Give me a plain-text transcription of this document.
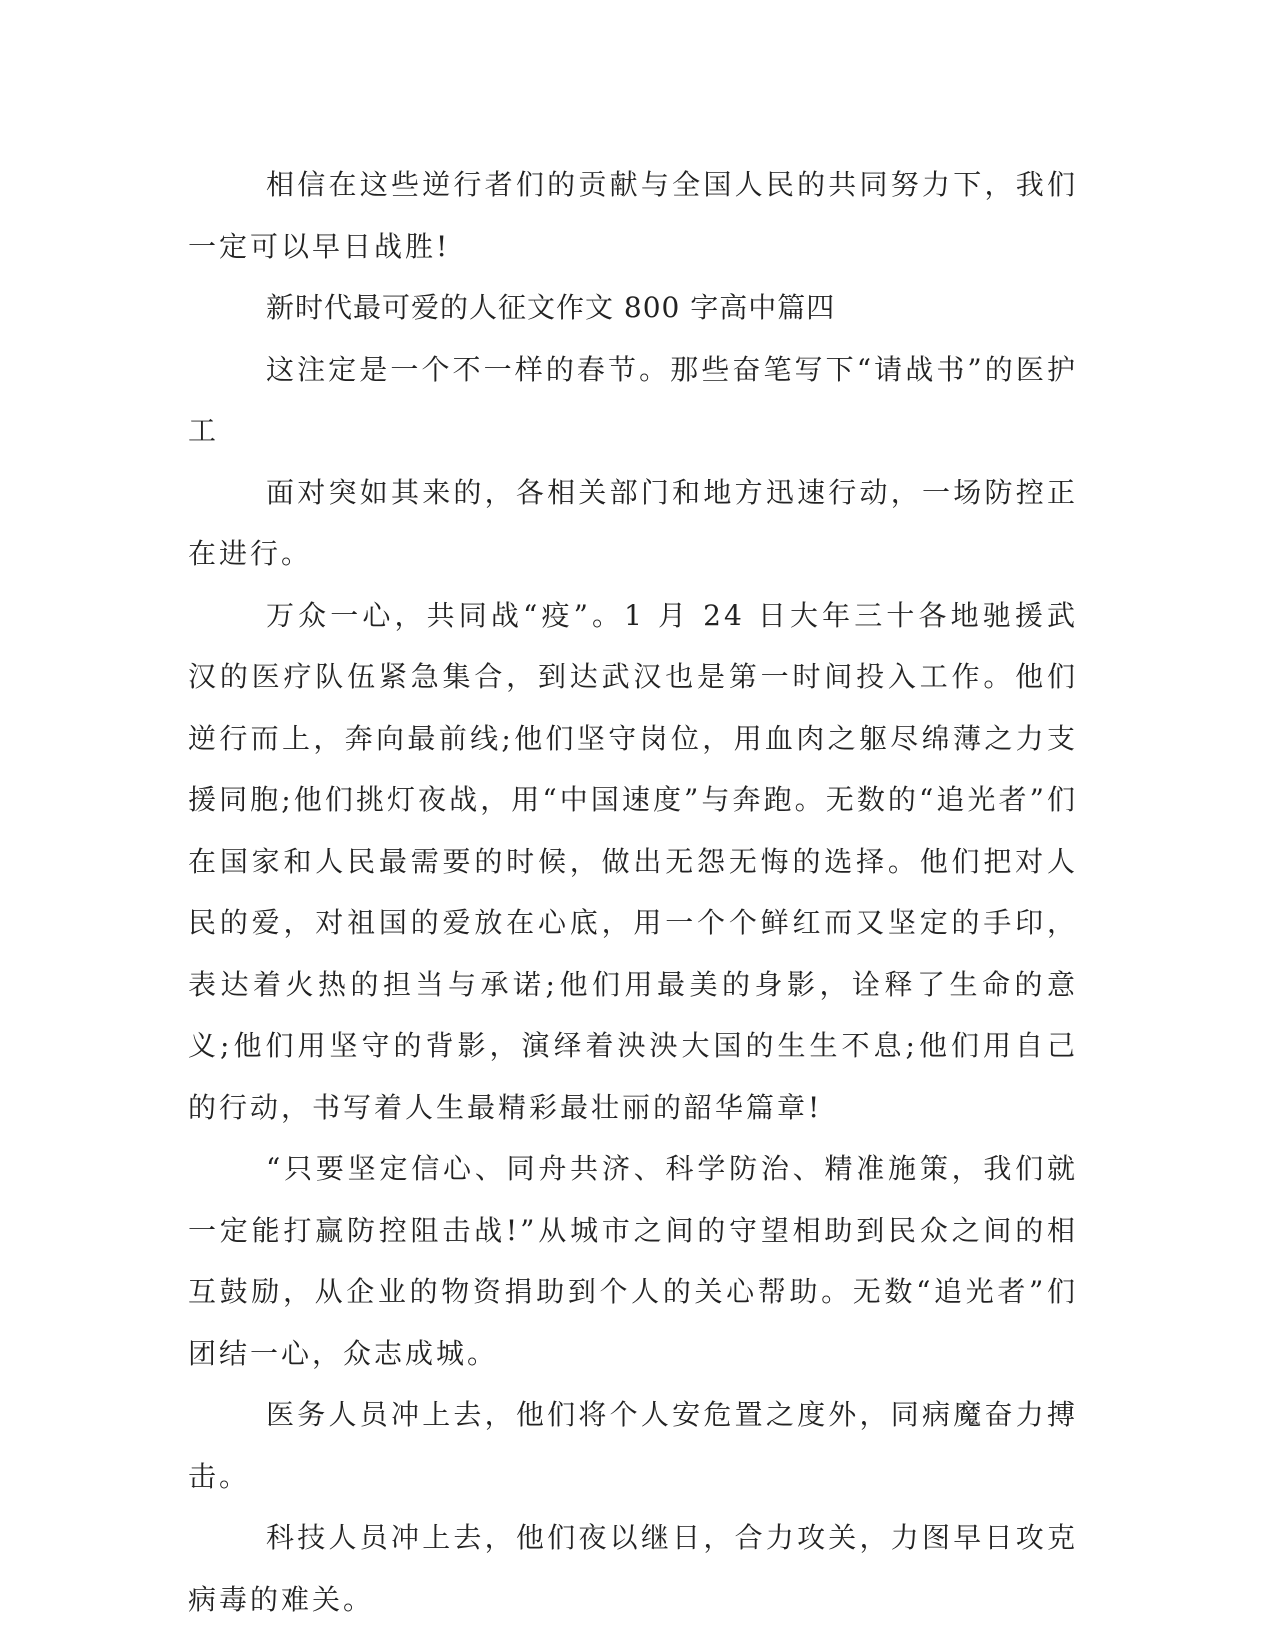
相信在这些逆行者们的贡献与全国人民的共同努力下，我们一定可以早日战胜!

新时代最可爱的人征文作文 800 字高中篇四

这注定是一个不一样的春节。那些奋笔写下“请战书”的医护工

面对突如其来的，各相关部门和地方迅速行动，一场防控正在进行。

万众一心，共同战“疫”。1 月 24 日大年三十各地驰援武汉的医疗队伍紧急集合，到达武汉也是第一时间投入工作。他们逆行而上，奔向最前线;他们坚守岗位，用血肉之躯尽绵薄之力支援同胞;他们挑灯夜战，用“中国速度”与奔跑。无数的“追光者”们在国家和人民最需要的时候，做出无怨无悔的选择。他们把对人民的爱，对祖国的爱放在心底，用一个个鲜红而又坚定的手印，表达着火热的担当与承诺;他们用最美的身影，诠释了生命的意义;他们用坚守的背影，演绎着泱泱大国的生生不息;他们用自己的行动，书写着人生最精彩最壮丽的韶华篇章!

“只要坚定信心、同舟共济、科学防治、精准施策，我们就一定能打赢防控阻击战!”从城市之间的守望相助到民众之间的相互鼓励，从企业的物资捐助到个人的关心帮助。无数“追光者”们团结一心，众志成城。

医务人员冲上去，他们将个人安危置之度外，同病魔奋力搏击。

科技人员冲上去，他们夜以继日，合力攻关，力图早日攻克病毒的难关。
